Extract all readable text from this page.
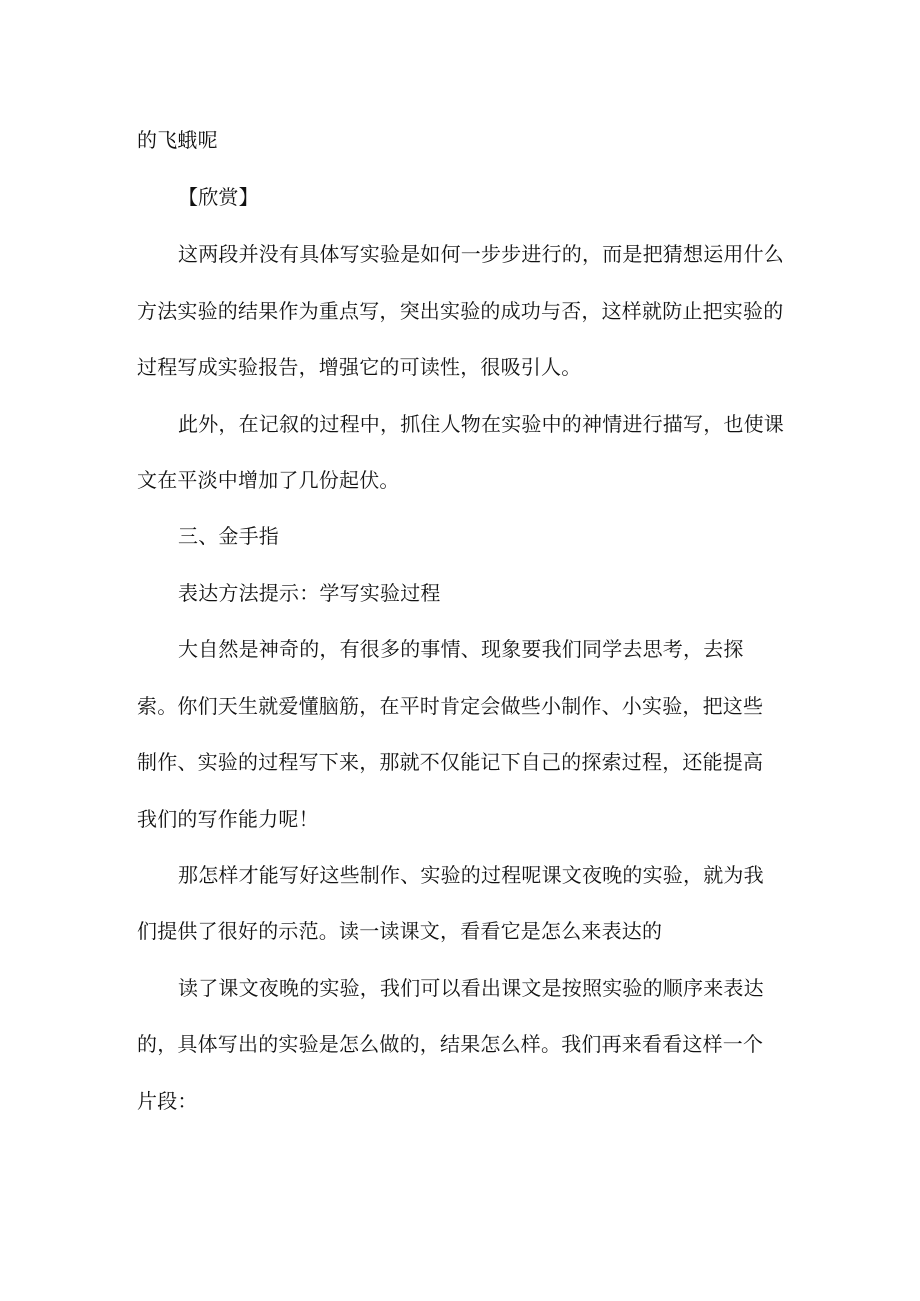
的飞蛾呢
【欣赏】
这两段并没有具体写实验是如何一步步进行的，而是把猜想运用什么
方法实验的结果作为重点写，突出实验的成功与否，这样就防止把实验的
过程写成实验报告，增强它的可读性，很吸引人。
此外，在记叙的过程中，抓住人物在实验中的神情进行描写，也使课
文在平淡中增加了几份起伏。
三、金手指
表达方法提示：学写实验过程
大自然是神奇的，有很多的事情、现象要我们同学去思考，去探
索。你们天生就爱懂脑筋，在平时肯定会做些小制作、小实验，把这些
制作、实验的过程写下来，那就不仅能记下自己的探索过程，还能提高
我们的写作能力呢！
那怎样才能写好这些制作、实验的过程呢课文夜晚的实验，就为我
们提供了很好的示范。读一读课文，看看它是怎么来表达的
读了课文夜晚的实验，我们可以看出课文是按照实验的顺序来表达
的，具体写出的实验是怎么做的，结果怎么样。我们再来看看这样一个
片段：
